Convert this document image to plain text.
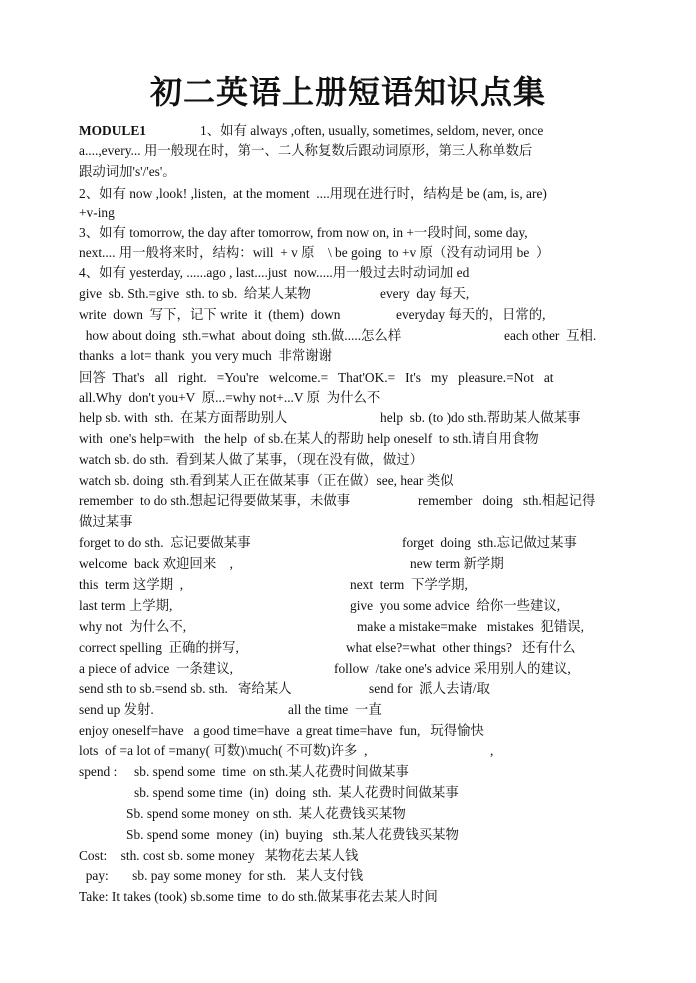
初二英语上册短语知识点集
MODULE1	1、如有 always ,often, usually, sometimes, seldom, never, once
a....,every... 用一般现在时，第一、二人称复数后跟动词原形，第三人称单数后
跟动词加's'/'es'。
2、如有 now ,look! ,listen,  at the moment  ....用现在进行时，结构是 be (am, is, are)
+v-ing
3、如有 tomorrow, the day after tomorrow, from now on, in +一段时间, some day,
next.... 用一般将来时，结构：will  + v 原    \ be going  to +v 原（没有动词用 be  ）
4、如有 yesterday, ......ago , last....just  now.....用一般过去时动词加 ed
give  sb. Sth.=give  sth. to sb.  给某人某物	every  day 每天,
write  down  写下，记下 write  it  (them)  down	everyday 每天的，日常的,
how about doing  sth.=what  about doing  sth.做.....怎么样	each other  互相.
thanks  a lot= thank  you very much  非常谢谢
回答  That's   all   right.   =You're   welcome.=   That'OK.=   It's   my   pleasure.=Not   at
all.Why  don't you+V  原...=why not+...V 原  为什么不
help sb. with  sth.  在某方面帮助别人	help  sb. (to )do sth.帮助某人做某事
with  one's help=with   the help  of sb.在某人的帮助 help oneself  to sth.请自用食物
watch sb. do sth.  看到某人做了某事，（现在没有做，做过）
watch sb. doing  sth.看到某人正在做某事（正在做）see, hear 类似
remember  to do sth.想起记得要做某事，未做事	remember   doing   sth.相起记得
做过某事
forget to do sth.  忘记要做某事	forget  doing  sth.忘记做过某事
welcome  back 欢迎回来    ,	new term 新学期
this  term 这学期  ,	next  term  下学学期,
last term 上学期,	give  you some advice  给你一些建议,
why not  为什么不,	make a mistake=make   mistakes  犯错误,
correct spelling  正确的拼写,	what else?=what  other things?   还有什么
a piece of advice  一条建议,	follow  /take one's advice 采用别人的建议,
send sth to sb.=send sb. sth.   寄给某人	send for  派人去请/取
send up 发射.	all the time  一直
enjoy oneself=have   a good time=have  a great time=have  fun,   玩得愉快
lots  of =a lot of =many( 可数)\much( 不可数)许多  ,	,
spend :     sb. spend some  time  on sth.某人花费时间做某事
sb. spend some time  (in)  doing  sth.  某人花费时间做某事
Sb. spend some money  on sth.  某人花费钱买某物
Sb. spend some  money  (in)  buying   sth.某人花费钱买某物
Cost:    sth. cost sb. some money   某物花去某人钱
pay:       sb. pay some money  for sth.   某人支付钱
Take: It takes (took) sb.some time  to do sth.做某事花去某人时间
